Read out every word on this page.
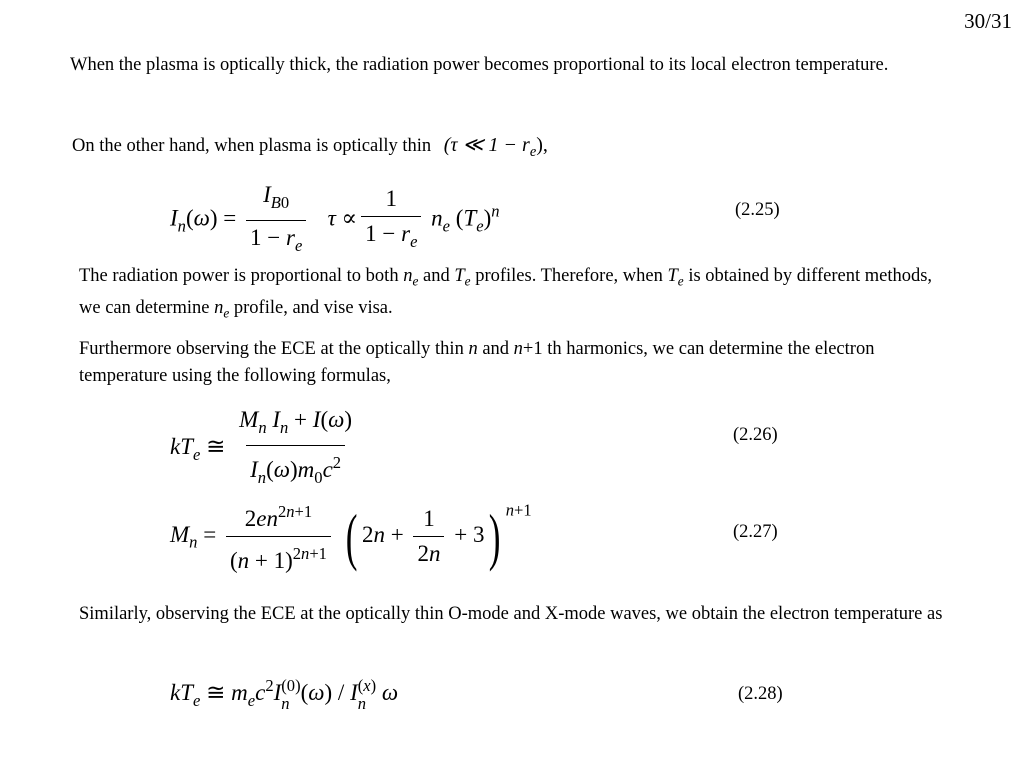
30/31
When the plasma is optically thick, the radiation power becomes proportional to its local electron temperature.
On the other hand, when plasma is optically thin (τ ≪ $1 - r_e$),
$I_n(\omega) = \frac{I_{B0}}{1 - r_e}$ $\tau \propto \frac{1}{1 - r_e} n_e$ $(T_e)^n$	(2.25)
The radiation power is proportional to both $n_e$ and $T_e$ profiles. Therefore, when $T_e$ is obtained by different methods, we can determine $n_e$ profile, and vise visa.
Furthermore observing the ECE at the optically thin n and n+1 th harmonics, we can determine the electron temperature using the following formulas,
$kT_e$ ≅ $\frac{M_n I_n + I(\omega)}{I_n(\omega)m_0c^2}$	(2.26)
$M_n = \frac{2en^{2n+1}}{(n + 1)^{2n+1}}$ ( $2n + \frac{1}{2n} + 3$) $^{n+1}$
(2.27)
Similarly, observing the ECE at the optically thin O-mode and X-mode waves, we obtain the electron temperature as
$kT_e$ ≅ $m_ec^2I$ (0)
n (ω) / I (x)
n ω	(2.28)
